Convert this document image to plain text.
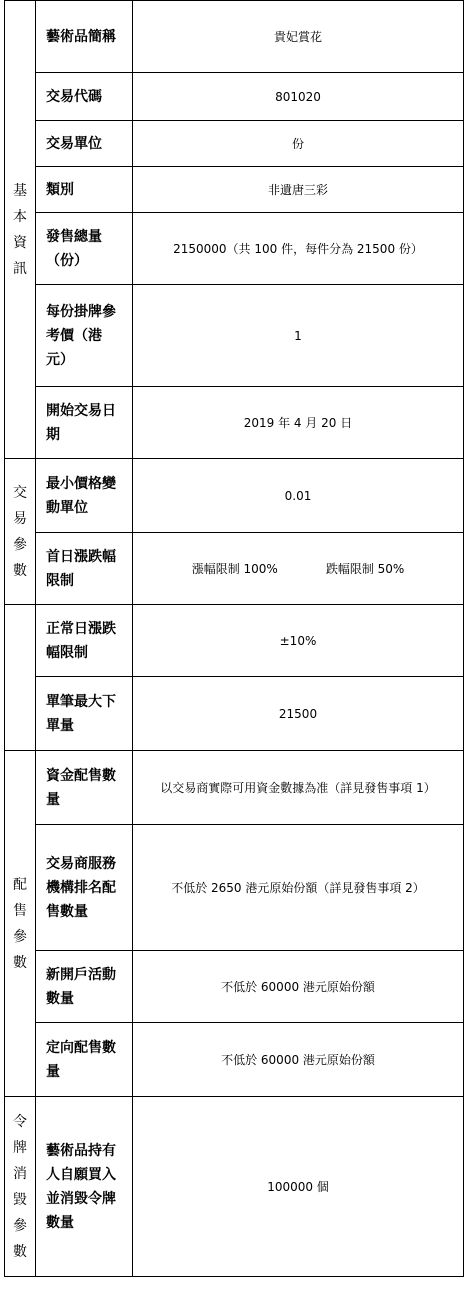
基本資訊	藝術品簡稱	貴妃賞花

	交易代碼	801020

	交易單位	份

	類別	非遺唐三彩

	發售總量（份）	2150000（共 100 件，每件分為 21500 份）

	每份掛牌參考價（港元）	1

	開始交易日期	2019 年 4 月 20 日
交易參數	最小價格變動單位	0.01

	首日漲跌幅限制	漲幅限制 100% 跌幅限制 50%

	正常日漲跌幅限制	±10%

	單筆最大下單量	21500
配售參數	資金配售數量	以交易商實際可用資金數據為准（詳見發售事項 1）

	交易商服務機構排名配售數量	不低於 2650 港元原始份額（詳見發售事項 2）

	新開戶活動數量	不低於 60000 港元原始份額

	定向配售數量	不低於 60000 港元原始份額
令牌消毀參數	藝術品持有人自願買入並消毀令牌數量	100000 個
